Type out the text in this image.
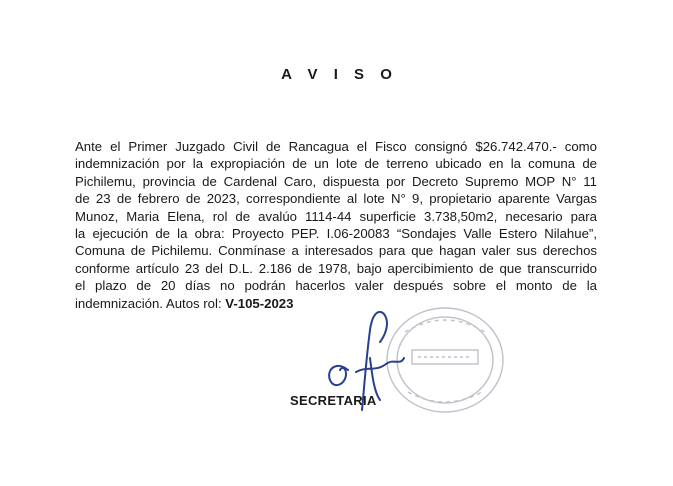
A V I S O
Ante el Primer Juzgado Civil de Rancagua el Fisco consignó $26.742.470.- como
indemnización por la expropiación de un lote de terreno ubicado en la comuna de
Pichilemu, provincia de Cardenal Caro, dispuesta por Decreto Supremo MOP N° 11
de 23 de febrero de 2023, correspondiente al lote N° 9, propietario aparente Vargas
Munoz, Maria Elena, rol de avalúo 1114-44 superficie 3.738,50m2, necesario para
la ejecución de la obra: Proyecto PEP. I.06-20083 “Sondajes Valle Estero Nilahue”,
Comuna de Pichilemu. Conmínase a interesados para que hagan valer sus derechos
conforme artículo 23 del D.L. 2.186 de 1978, bajo apercibimiento de que transcurrido
el plazo de 20 días no podrán hacerlos valer después sobre el monto de la
indemnización. Autos rol: V-105-2023
SECRETARIA
